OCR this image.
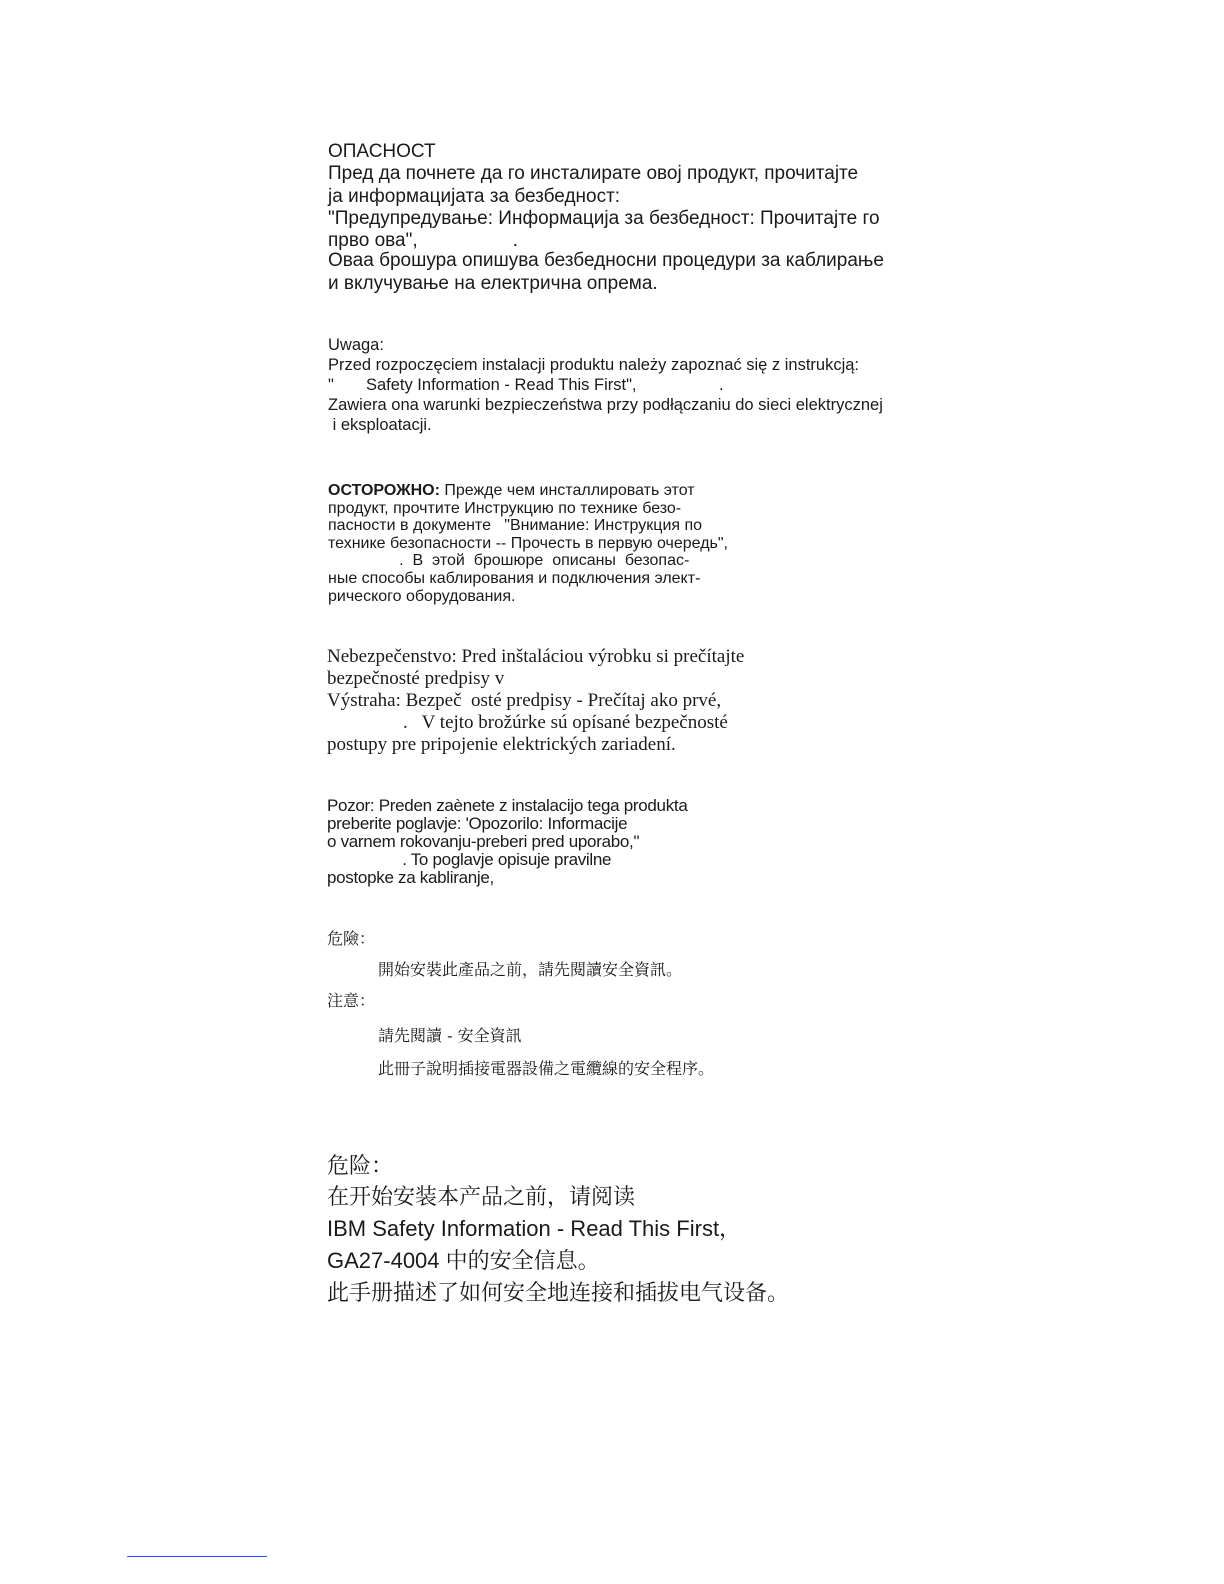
ОПАСНОСТ
Пред да почнете да го инсталирате овој продукт, прочитајте
ја информацијата за безбедност:
"Предупредување: Информација за безбедност: Прочитајте го
прво ова",                  .
Оваа брошура опишува безбедносни процедури за каблирање
и вклучување на електрична опрема.
Uwaga:
Przed rozpoczęciem instalacji produktu należy zapoznać się z instrukcją:
"       Safety Information - Read This First",                  .
Zawiera ona warunki bezpieczeństwa przy podłączaniu do sieci elektrycznej
i eksploatacji.
ОСТОРОЖНО: Прежде чем инсталлировать этот
продукт, прочтите Инструкцию по технике безо-
пасности в документе   "Внимание: Инструкция по
технике безопасности -- Прочесть в первую очередь",
.  В  этой  брошюре  описаны  безопас-
ные способы каблирования и подключения элект-
рического оборудования.
Nebezpečenstvo: Pred inštaláciou výrobku si prečítajte
bezpečnosté predpisy v
Výstraha: Bezpeč  osté predpisy - Prečítaj ako prvé,
.   V tejto brožúrke sú opísané bezpečnosté
postupy pre pripojenie elektrických zariadení.
Pozor: Preden zaènete z instalacijo tega produkta
preberite poglavje: 'Opozorilo: Informacije
o varnem rokovanju-preberi pred uporabo,"
. To poglavje opisuje pravilne
postopke za kabliranje,
危險：
開始安裝此產品之前，請先閱讀安全資訊。
注意：
請先閱讀 - 安全資訊
此冊子說明插接電器設備之電纜線的安全程序。
危险：
在开始安装本产品之前，请阅读
IBM Safety Information - Read This First，
GA27-4004 中的安全信息。
此手册描述了如何安全地连接和插拔电气设备。
